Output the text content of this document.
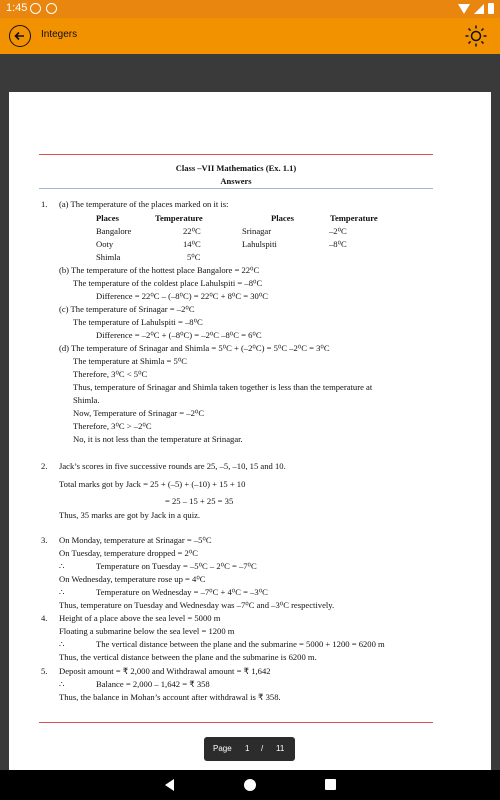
1:45
Integers
Class –VII Mathematics (Ex. 1.1)
Answers
1. (a) The temperature of the places marked on it is:
Places	Temperature	Places	Temperature
Bangalore	22⁰C	Srinagar	–2⁰C
Ooty	14⁰C	Lahulspiti	–8⁰C
Shimla	5⁰C
(b) The temperature of the hottest place Bangalore = 22⁰C
The temperature of the coldest place Lahulspiti = –8⁰C
Difference = 22⁰C – (–8⁰C) = 22⁰C + 8⁰C = 30⁰C
(c) The temperature of Srinagar = –2⁰C
The temperature of Lahulspiti = –8⁰C
Difference = –2⁰C + (–8⁰C) = –2⁰C –8⁰C = 6⁰C
(d) The temperature of Srinagar and Shimla = 5⁰C + (–2⁰C) = 5⁰C –2⁰C = 3⁰C
The temperature at Shimla = 5⁰C
Therefore, 3⁰C < 5⁰C
Thus, temperature of Srinagar and Shimla taken together is less than the temperature at
Shimla.
Now, Temperature of Srinagar = –2⁰C
Therefore, 3⁰C > –2⁰C
No, it is not less than the temperature at Srinagar.
2. Jack’s scores in five successive rounds are 25, –5, –10, 15 and 10.
Total marks got by Jack = 25 + (–5) + (–10) + 15 + 10
= 25 – 15 + 25 = 35
Thus, 35 marks are got by Jack in a quiz.
3. On Monday, temperature at Srinagar = –5⁰C
On Tuesday, temperature dropped = 2⁰C
∴	Temperature on Tuesday = –5⁰C – 2⁰C = –7⁰C
On Wednesday, temperature rose up = 4⁰C
∴	Temperature on Wednesday = –7⁰C + 4⁰C = –3⁰C
Thus, temperature on Tuesday and Wednesday was –7⁰C and –3⁰C respectively.
4. Height of a place above the sea level = 5000 m
Floating a submarine below the sea level = 1200 m
∴	The vertical distance between the plane and the submarine = 5000 + 1200 = 6200 m
Thus, the vertical distance between the plane and the submarine is 6200 m.
5. Deposit amount = ₹ 2,000 and Withdrawal amount = ₹ 1,642
∴	Balance = 2,000 – 1,642 = ₹ 358
Thus, the balance in Mohan’s account after withdrawal is ₹ 358.
Page 1 / 11
